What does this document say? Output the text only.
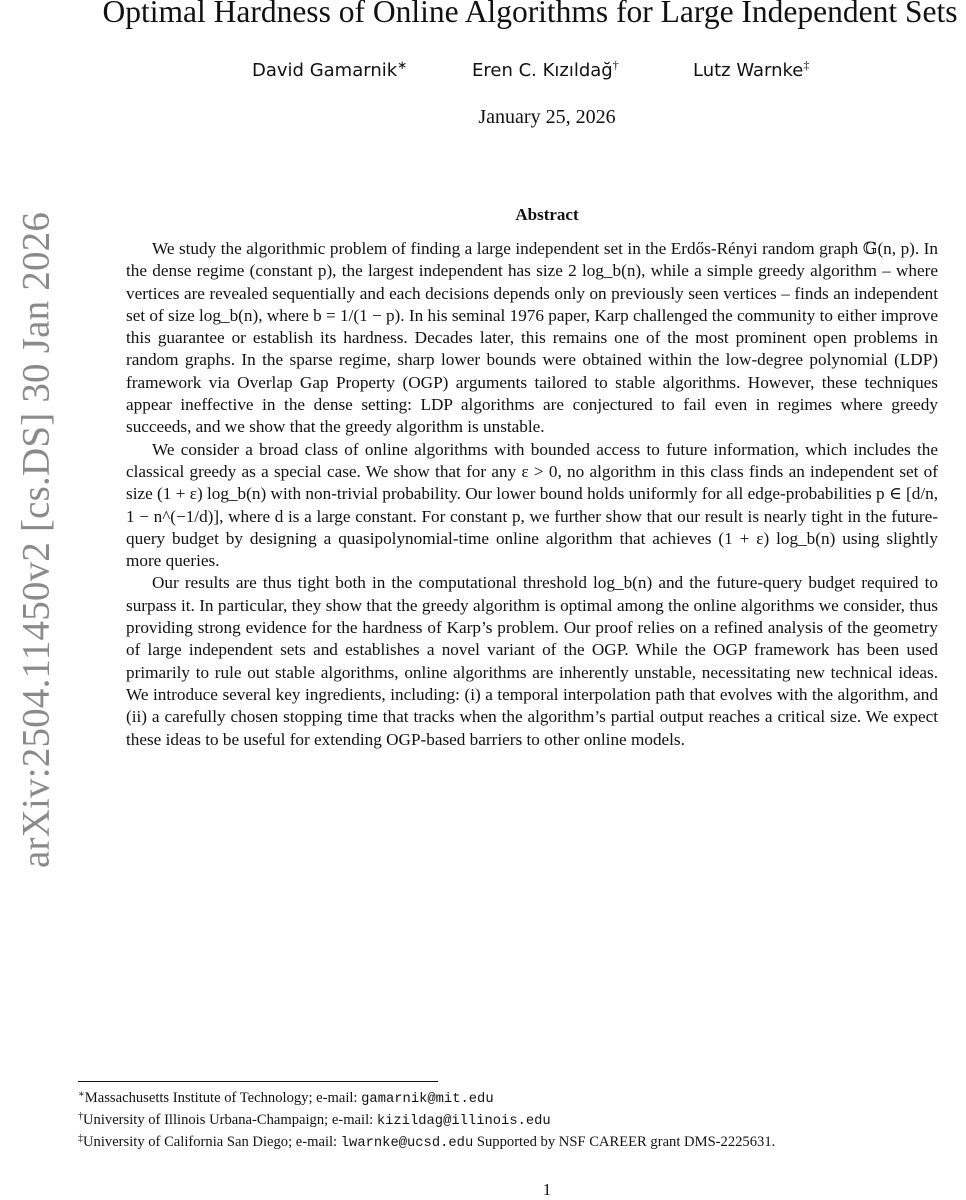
arXiv:2504.11450v2 [cs.DS] 30 Jan 2026
Optimal Hardness of Online Algorithms for Large Independent Sets
David Gamarnik∗	Eren C. Kızıldağ†	Lutz Warnke‡
January 25, 2026
Abstract

We study the algorithmic problem of finding a large independent set in the Erdős-Rényi random graph 𝔾(n, p). In the dense regime (constant p), the largest independent has size 2 log_b(n), while a simple greedy algorithm – where vertices are revealed sequentially and each decisions depends only on previously seen vertices – finds an independent set of size log_b(n), where b = 1/(1 − p). In his seminal 1976 paper, Karp challenged the community to either improve this guarantee or establish its hardness. Decades later, this remains one of the most prominent open problems in random graphs. In the sparse regime, sharp lower bounds were obtained within the low-degree polynomial (LDP) framework via Overlap Gap Property (OGP) arguments tailored to stable algorithms. However, these techniques appear ineffective in the dense setting: LDP algorithms are conjectured to fail even in regimes where greedy succeeds, and we show that the greedy algorithm is unstable.

We consider a broad class of online algorithms with bounded access to future information, which includes the classical greedy as a special case. We show that for any ε > 0, no algorithm in this class finds an independent set of size (1 + ε) log_b(n) with non-trivial probability. Our lower bound holds uniformly for all edge-probabilities p ∈ [d/n, 1 − n^(−1/d)], where d is a large constant. For constant p, we further show that our result is nearly tight in the future-query budget by designing a quasipolynomial-time online algorithm that achieves (1 + ε) log_b(n) using slightly more queries.

Our results are thus tight both in the computational threshold log_b(n) and the future-query budget required to surpass it. In particular, they show that the greedy algorithm is optimal among the online algorithms we consider, thus providing strong evidence for the hardness of Karp’s problem. Our proof relies on a refined analysis of the geometry of large independent sets and establishes a novel variant of the OGP. While the OGP framework has been used primarily to rule out stable algorithms, online algorithms are inherently unstable, necessitating new technical ideas. We introduce several key ingredients, including: (i) a temporal interpolation path that evolves with the algorithm, and (ii) a carefully chosen stopping time that tracks when the algorithm’s partial output reaches a critical size. We expect these ideas to be useful for extending OGP-based barriers to other online models.

∗Massachusetts Institute of Technology; e-mail: gamarnik@mit.edu
†University of Illinois Urbana-Champaign; e-mail: kizildag@illinois.edu
‡University of California San Diego; e-mail: lwarnke@ucsd.edu Supported by NSF CAREER grant DMS-2225631.
1
